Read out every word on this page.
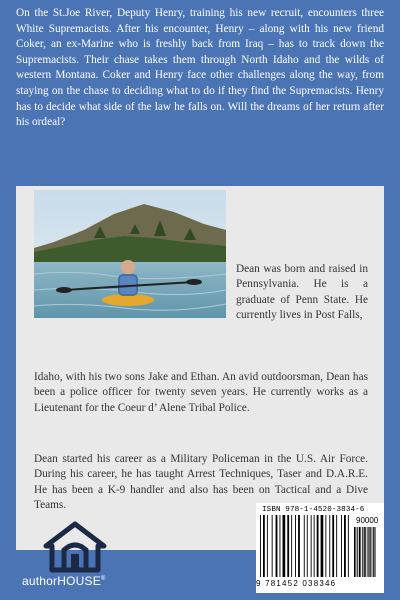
On the St.Joe River, Deputy Henry, training his new recruit, encounters three White Supremacists. After his encounter, Henry – along with his new friend Coker, an ex-Marine who is freshly back from Iraq – has to track down the Supremacists. Their chase takes them through North Idaho and the wilds of western Montana. Coker and Henry face other challenges along the way, from staying on the chase to deciding what to do if they find the Supremacists. Henry has to decide what side of the law he falls on. Will the dreams of her return after his ordeal?

Dean was born and raised in Pennsylvania. He is a graduate of Penn State. He currently lives in Post Falls,

Idaho, with his two sons Jake and Ethan. An avid outdoorsman, Dean has been a police officer for twenty seven years. He currently works as a Lieutenant for the Coeur d’ Alene Tribal Police.

Dean started his career as a Military Policeman in the U.S. Air Force. During his career, he has taught Arrest Techniques, Taser and D.A.R.E. He has been a K-9 handler and also has been on Tactical and a Dive Teams.

authorHOUSE®
ISBN 978-1-4520-3834-6
90000
9 781452 038346
